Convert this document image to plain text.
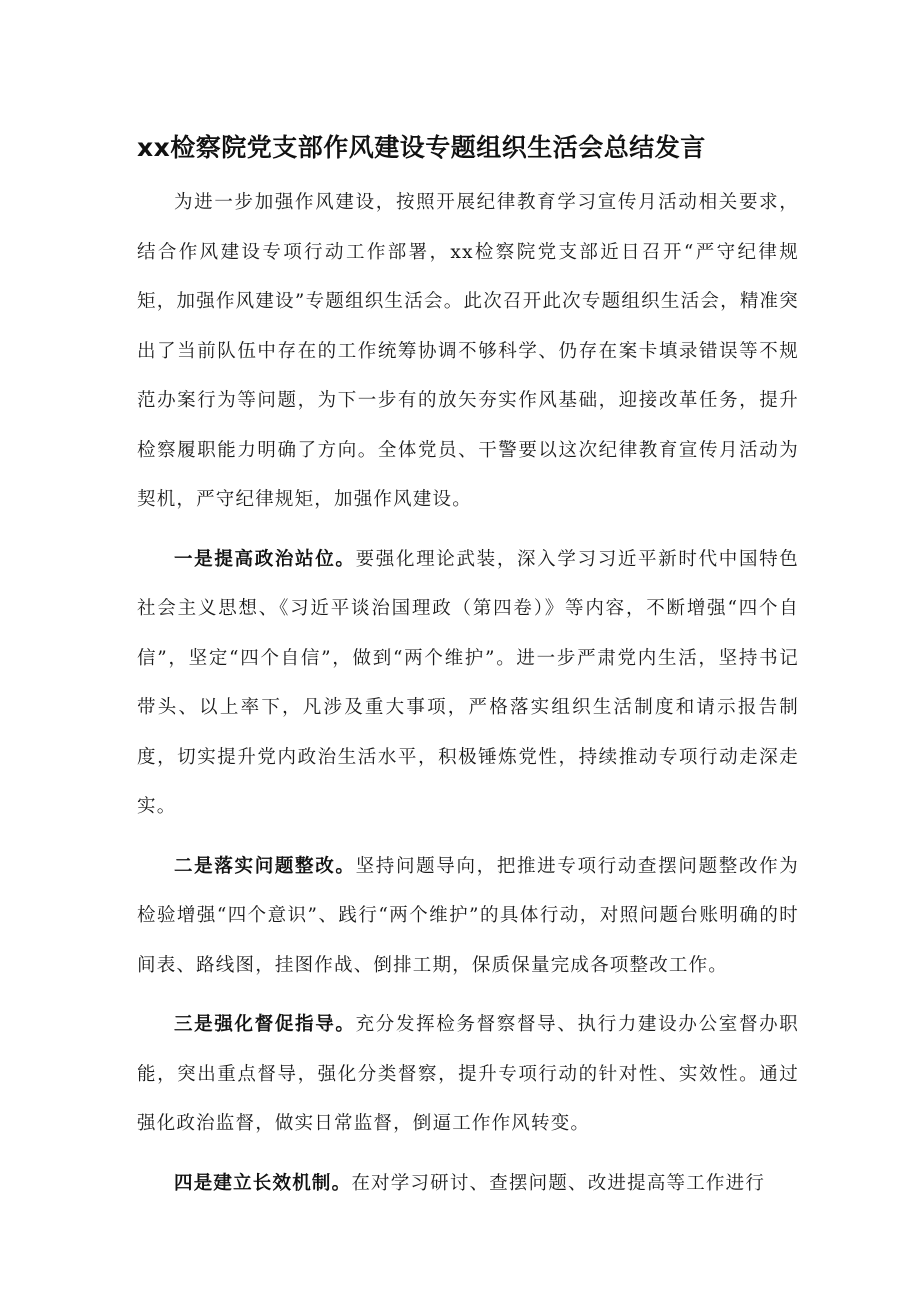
xx检察院党支部作风建设专题组织生活会总结发言

为进一步加强作风建设，按照开展纪律教育学习宣传月活动相关要求，结合作风建设专项行动工作部署，xx检察院党支部近日召开“严守纪律规矩，加强作风建设”专题组织生活会。此次召开此次专题组织生活会，精准突出了当前队伍中存在的工作统筹协调不够科学、仍存在案卡填录错误等不规范办案行为等问题，为下一步有的放矢夯实作风基础，迎接改革任务，提升检察履职能力明确了方向。全体党员、干警要以这次纪律教育宣传月活动为契机，严守纪律规矩，加强作风建设。

一是提高政治站位。要强化理论武装，深入学习习近平新时代中国特色社会主义思想、《习近平谈治国理政（第四卷）》等内容，不断增强“四个自信”，坚定“四个自信”，做到“两个维护”。进一步严肃党内生活，坚持书记带头、以上率下，凡涉及重大事项，严格落实组织生活制度和请示报告制度，切实提升党内政治生活水平，积极锤炼党性，持续推动专项行动走深走实。

二是落实问题整改。坚持问题导向，把推进专项行动查摆问题整改作为检验增强“四个意识”、践行“两个维护”的具体行动，对照问题台账明确的时间表、路线图，挂图作战、倒排工期，保质保量完成各项整改工作。

三是强化督促指导。充分发挥检务督察督导、执行力建设办公室督办职能，突出重点督导，强化分类督察，提升专项行动的针对性、实效性。通过强化政治监督，做实日常监督，倒逼工作作风转变。

四是建立长效机制。在对学习研讨、查摆问题、改进提高等工作进行
